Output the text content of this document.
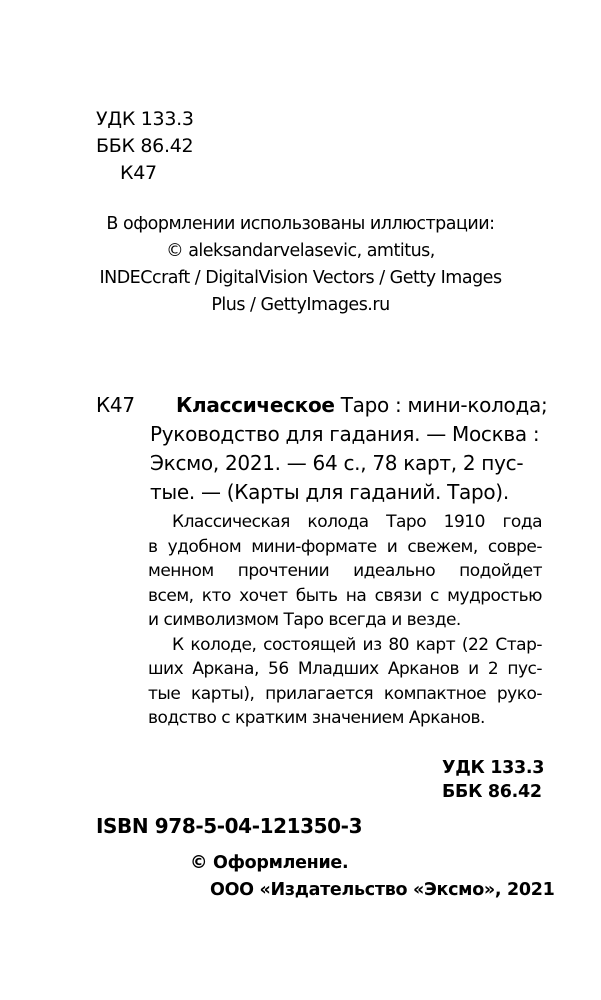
УДК 133.3
ББК 86.42
К47
В оформлении использованы иллюстрации:
© aleksandarvelasevic, amtitus,
INDECcraft / DigitalVision Vectors / Getty Images
Plus / GettyImages.ru
К47 Классическое Таро : мини-колода;
Руководство для гадания. — Москва :
Эксмо, 2021. — 64 с., 78 карт, 2 пус-
тые. — (Карты для гаданий. Таро).
Классическая колода Таро 1910 года
в удобном мини-формате и свежем, совре-
менном прочтении идеально подойдет
всем, кто хочет быть на связи с мудростью
и символизмом Таро всегда и везде.
К колоде, состоящей из 80 карт (22 Стар-
ших Аркана, 56 Младших Арканов и 2 пус-
тые карты), прилагается компактное руко-
водство с кратким значением Арканов.
УДК 133.3
ББК 86.42
ISBN 978-5-04-121350-3
© Оформление.
ООО «Издательство «Эксмо», 2021
